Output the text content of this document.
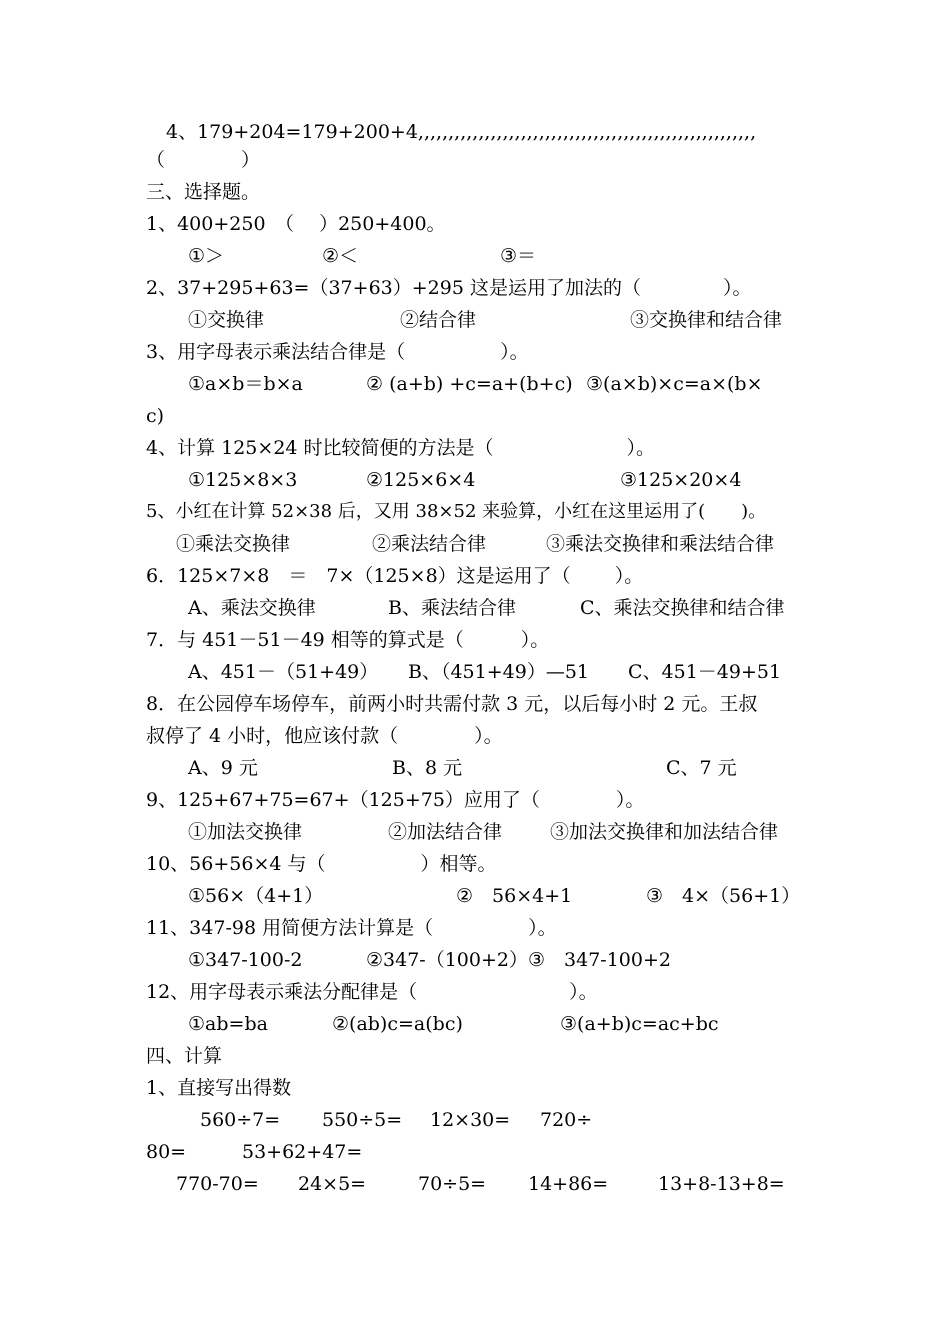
4、179+204=179+200+4,,,,,,,,,,,,,,,,,,,,,,,,,,,,,,,,,,,,,,,,,,,,,,,,,,,,,,,,
（　　　　）
三、选择题。
1、400+250　（　 ）250+400。
①＞	②＜	③＝
2、37+295+63=（37+63）+295 这是运用了加法的（　　　　 ）。
①交换律	②结合律	③交换律和结合律
3、用字母表示乘法结合律是（　　　　　）。
①a×b＝b×a	② (a+b) +c=a+(b+c) ③(a×b)×c=a×(b×
c)
4、计算 125×24 时比较简便的方法是（　　　　　　　）。
①125×8×3	②125×6×4	③125×20×4
5、小红在计算 52×38 后，又用 38×52 来验算，小红在这里运用了(　　)。
①乘法交换律	②乘法结合律	③乘法交换律和乘法结合律
6．125×7×8　＝　7×（125×8）这是运用了（　　 ）。
A、乘法交换律	B、乘法结合律	C、乘法交换律和结合律
7．与 451－51－49 相等的算式是（　　　）。
A、451－（51+49） B、（451+49）—51 C、451－49+51
8．在公园停车场停车，前两小时共需付款 3 元，以后每小时 2 元。王叔
叔停了 4 小时，他应该付款（　　　　）。
A、9 元	B、8 元	C、7 元
9、125+67+75=67+（125+75）应用了（　　　　）。
①加法交换律	②加法结合律	③加法交换律和加法结合律
10、56+56×4 与（　　　　　）相等。
①56×（4+1）	②　56×4+1	③　4×（56+1）
11、347-98 用简便方法计算是（　　　　　）。
①347-100-2	②347-（100+2）③　347-100+2
12、用字母表示乘法分配律是（　　　　　　　　）。
①ab=ba	②(ab)c=a(bc)	③(a+b)c=ac+bc
四、计算
1、直接写出得数
560÷7= 550÷5= 12×30= 720÷
80=	53+62+47=
770-70= 24×5=	70÷5= 14+86=	13+8-13+8=
